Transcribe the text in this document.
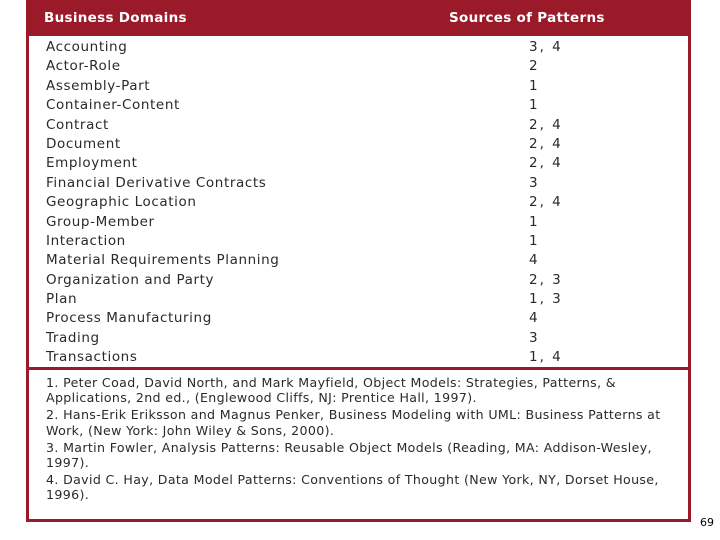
Business Domains	Sources of Patterns
Accounting	3, 4
Actor-Role	2
Assembly-Part	1
Container-Content	1
Contract	2, 4
Document	2, 4
Employment	2, 4
Financial Derivative Contracts	3
Geographic Location	2, 4
Group-Member	1
Interaction	1
Material Requirements Planning	4
Organization and Party	2, 3
Plan	1, 3
Process Manufacturing	4
Trading	3
Transactions	1, 4
1. Peter Coad, David North, and Mark Mayfield, Object Models: Strategies, Patterns, & Applications, 2nd ed., (Englewood Cliffs, NJ: Prentice Hall, 1997).
2. Hans-Erik Eriksson and Magnus Penker, Business Modeling with UML: Business Patterns at Work, (New York: John Wiley & Sons, 2000).
3. Martin Fowler, Analysis Patterns: Reusable Object Models (Reading, MA: Addison-Wesley, 1997).
4. David C. Hay, Data Model Patterns: Conventions of Thought (New York, NY, Dorset House, 1996).
69
